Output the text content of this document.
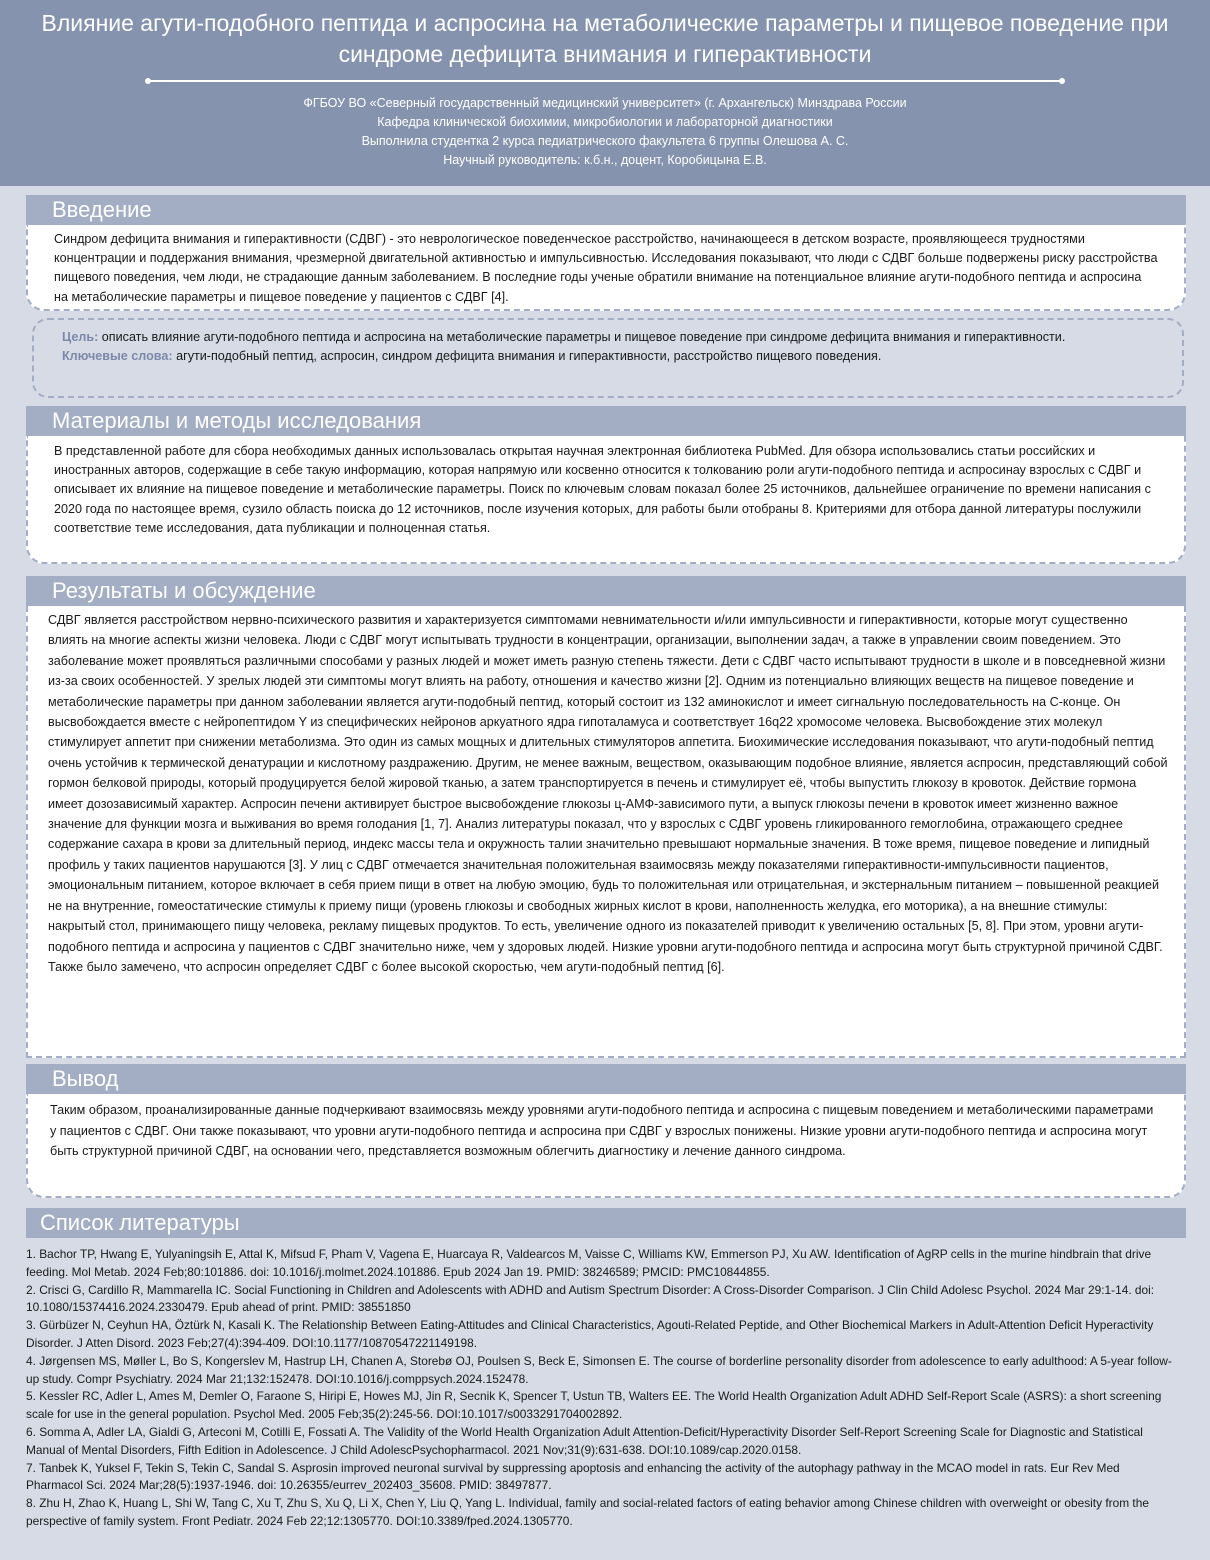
Влияние агути-подобного пептида и аспросина на метаболические параметры и пищевое поведение при синдроме дефицита внимания и гиперактивности
ФГБОУ ВО «Северный государственный медицинский университет» (г. Архангельск) Минздрава России
Кафедра клинической биохимии, микробиологии и лабораторной диагностики
Выполнила студентка 2 курса педиатрического факультета 6 группы Олешова А. С.
Научный руководитель: к.б.н., доцент, Коробицына Е.В.
Введение
Синдром дефицита внимания и гиперактивности (СДВГ) - это неврологическое поведенческое расстройство, начинающееся в детском возрасте, проявляющееся трудностями концентрации и поддержания внимания, чрезмерной двигательной активностью и импульсивностью. Исследования показывают, что люди с СДВГ больше подвержены риску расстройства пищевого поведения, чем люди, не страдающие данным заболеванием. В последние годы ученые обратили внимание на потенциальное влияние агути-подобного пептида и аспросина на метаболические параметры и пищевое поведение у пациентов с СДВГ [4].
Цель: описать влияние агути-подобного пептида и аспросина на метаболические параметры и пищевое поведение при синдроме дефицита внимания и гиперактивности.
Ключевые слова: агути-подобный пептид, аспросин, синдром дефицита внимания и гиперактивности, расстройство пищевого поведения.
Материалы и методы исследования
В представленной работе для сбора необходимых данных использовалась открытая научная электронная библиотека PubMed. Для обзора использовались статьи российских и иностранных авторов, содержащие в себе такую информацию, которая напрямую или косвенно относится к толкованию роли агути-подобного пептида и аспросинау взрослых с СДВГ и описывает их влияние на пищевое поведение и метаболические параметры. Поиск по ключевым словам показал более 25 источников, дальнейшее ограничение по времени написания с 2020 года по настоящее время, сузило область поиска до 12 источников, после изучения которых, для работы были отобраны 8. Критериями для отбора данной литературы послужили соответствие теме исследования, дата публикации и полноценная статья.
Результаты и обсуждение
СДВГ является расстройством нервно-психического развития и характеризуется симптомами невнимательности и/или импульсивности и гиперактивности, которые могут существенно влиять на многие аспекты жизни человека. Люди с СДВГ могут испытывать трудности в концентрации, организации, выполнении задач, а также в управлении своим поведением. Это заболевание может проявляться различными способами у разных людей и может иметь разную степень тяжести. Дети с СДВГ часто испытывают трудности в школе и в повседневной жизни из-за своих особенностей. У зрелых людей эти симптомы могут влиять на работу, отношения и качество жизни [2]. Одним из потенциально влияющих веществ на пищевое поведение и метаболические параметры при данном заболевании является агути-подобный пептид, который состоит из 132 аминокислот и имеет сигнальную последовательность на С-конце. Он высвобождается вместе с нейропептидом Y из специфических нейронов аркуатного ядра гипоталамуса и соответствует 16q22 хромосоме человека. Высвобождение этих молекул стимулирует аппетит при снижении метаболизма. Это один из самых мощных и длительных стимуляторов аппетита. Биохимические исследования показывают, что агути-подобный пептид очень устойчив к термической денатурации и кислотному раздражению. Другим, не менее важным, веществом, оказывающим подобное влияние, является аспросин, представляющий собой гормон белковой природы, который продуцируется белой жировой тканью, а затем транспортируется в печень и стимулирует её, чтобы выпустить глюкозу в кровоток. Действие гормона имеет дозозависимый характер. Аспросин печени активирует быстрое высвобождение глюкозы ц-АМФ-зависимого пути, а выпуск глюкозы печени в кровоток имеет жизненно важное значение для функции мозга и выживания во время голодания [1, 7]. Анализ литературы показал, что у взрослых с СДВГ уровень гликированного гемоглобина, отражающего среднее содержание сахара в крови за длительный период, индекс массы тела и окружность талии значительно превышают нормальные значения. В тоже время, пищевое поведение и липидный профиль у таких пациентов нарушаются [3]. У лиц с СДВГ отмечается значительная положительная взаимосвязь между показателями гиперактивности-импульсивности пациентов, эмоциональным питанием, которое включает в себя прием пищи в ответ на любую эмоцию, будь то положительная или отрицательная, и экстернальным питанием – повышенной реакцией не на внутренние, гомеостатические стимулы к приему пищи (уровень глюкозы и свободных жирных кислот в крови, наполненность желудка, его моторика), а на внешние стимулы: накрытый стол, принимающего пищу человека, рекламу пищевых продуктов. То есть, увеличение одного из показателей приводит к увеличению остальных [5, 8]. При этом, уровни агути-подобного пептида и аспросина у пациентов с СДВГ значительно ниже, чем у здоровых людей. Низкие уровни агути-подобного пептида и аспросина могут быть структурной причиной СДВГ. Также было замечено, что аспросин определяет СДВГ с более высокой скоростью, чем агути-подобный пептид [6].
Вывод
Таким образом, проанализированные данные подчеркивают взаимосвязь между уровнями агути-подобного пептида и аспросина с пищевым поведением и метаболическими параметрами у пациентов с СДВГ. Они также показывают, что уровни агути-подобного пептида и аспросина при СДВГ у взрослых понижены. Низкие уровни агути-подобного пептида и аспросина могут быть структурной причиной СДВГ, на основании чего, представляется возможным облегчить диагностику и лечение данного синдрома.
Список литературы
1. Bachor TP, Hwang E, Yulyaningsih E, Attal K, Mifsud F, Pham V, Vagena E, Huarcaya R, Valdearcos M, Vaisse C, Williams KW, Emmerson PJ, Xu AW. Identification of AgRP cells in the murine hindbrain that drive feeding. Mol Metab. 2024 Feb;80:101886. doi: 10.1016/j.molmet.2024.101886. Epub 2024 Jan 19. PMID: 38246589; PMCID: PMC10844855.
2. Crisci G, Cardillo R, Mammarella IC. Social Functioning in Children and Adolescents with ADHD and Autism Spectrum Disorder: A Cross-Disorder Comparison. J Clin Child Adolesc Psychol. 2024 Mar 29:1-14. doi: 10.1080/15374416.2024.2330479. Epub ahead of print. PMID: 38551850
3. Gürbüzer N, Ceyhun HA, Öztürk N, Kasali K. The Relationship Between Eating-Attitudes and Clinical Characteristics, Agouti-Related Peptide, and Other Biochemical Markers in Adult-Attention Deficit Hyperactivity Disorder. J Atten Disord. 2023 Feb;27(4):394-409. DOI:10.1177/10870547221149198.
4. Jørgensen MS, Møller L, Bo S, Kongerslev M, Hastrup LH, Chanen A, Storebø OJ, Poulsen S, Beck E, Simonsen E. The course of borderline personality disorder from adolescence to early adulthood: A 5-year follow-up study. Compr Psychiatry. 2024 Mar 21;132:152478. DOI:10.1016/j.comppsych.2024.152478.
5. Kessler RC, Adler L, Ames M, Demler O, Faraone S, Hiripi E, Howes MJ, Jin R, Secnik K, Spencer T, Ustun TB, Walters EE. The World Health Organization Adult ADHD Self-Report Scale (ASRS): a short screening scale for use in the general population. Psychol Med. 2005 Feb;35(2):245-56. DOI:10.1017/s0033291704002892.
6. Somma A, Adler LA, Gialdi G, Arteconi M, Cotilli E, Fossati A. The Validity of the World Health Organization Adult Attention-Deficit/Hyperactivity Disorder Self-Report Screening Scale for Diagnostic and Statistical Manual of Mental Disorders, Fifth Edition in Adolescence. J Child AdolescPsychopharmacol. 2021 Nov;31(9):631-638. DOI:10.1089/cap.2020.0158.
7. Tanbek K, Yuksel F, Tekin S, Tekin C, Sandal S. Asprosin improved neuronal survival by suppressing apoptosis and enhancing the activity of the autophagy pathway in the MCAO model in rats. Eur Rev Med Pharmacol Sci. 2024 Mar;28(5):1937-1946. doi: 10.26355/eurrev_202403_35608. PMID: 38497877.
8. Zhu H, Zhao K, Huang L, Shi W, Tang C, Xu T, Zhu S, Xu Q, Li X, Chen Y, Liu Q, Yang L. Individual, family and social-related factors of eating behavior among Chinese children with overweight or obesity from the perspective of family system. Front Pediatr. 2024 Feb 22;12:1305770. DOI:10.3389/fped.2024.1305770.
